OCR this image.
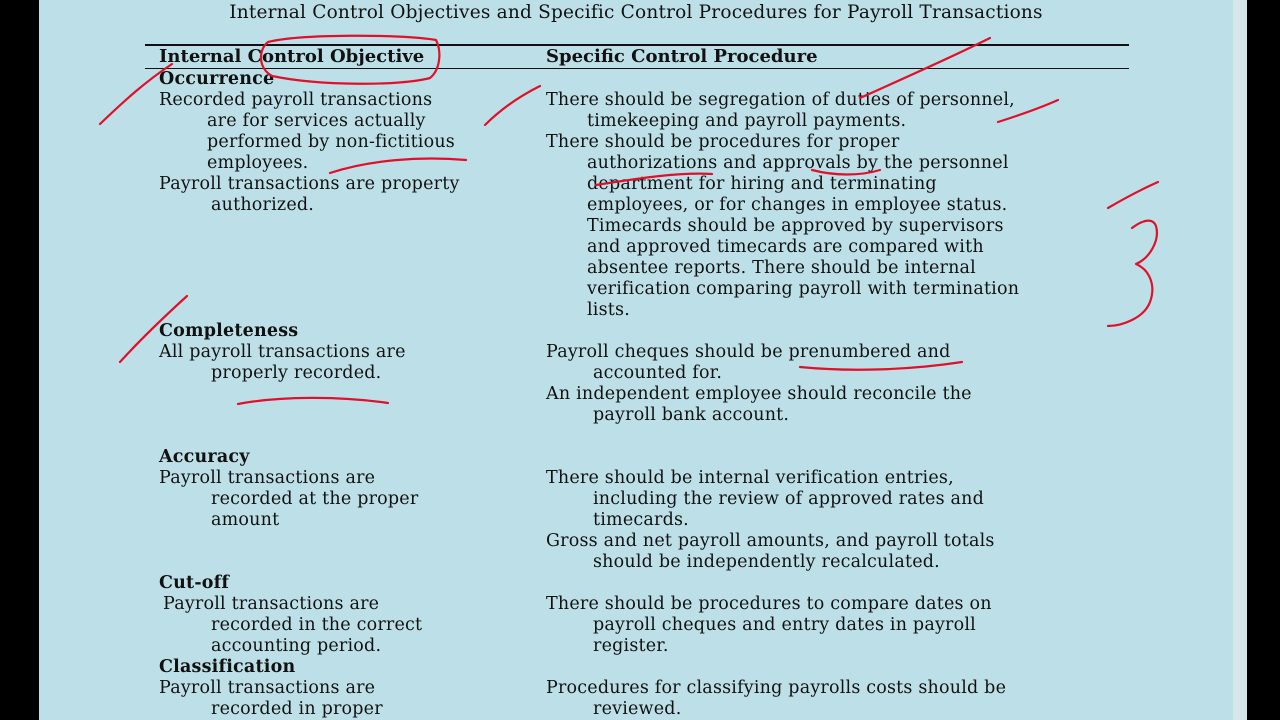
Internal Control Objectives and Specific Control Procedures for Payroll Transactions
Internal Control Objective	Specific Control Procedure
Occurrence
Recorded payroll transactions
are for services actually
performed by non-fictitious
employees.
Payroll transactions are property
authorized.
There should be segregation of duties of personnel,
timekeeping and payroll payments.
There should be procedures for proper
authorizations and approvals by the personnel
department for hiring and terminating
employees, or for changes in employee status.
Timecards should be approved by supervisors
and approved timecards are compared with
absentee reports. There should be internal
verification comparing payroll with termination
lists.
Completeness
All payroll transactions are
properly recorded.
Payroll cheques should be prenumbered and
accounted for.
An independent employee should reconcile the
payroll bank account.
Accuracy
Payroll transactions are
recorded at the proper
amount
There should be internal verification entries,
including the review of approved rates and
timecards.
Gross and net payroll amounts, and payroll totals
should be independently recalculated.
Cut-off
Payroll transactions are
recorded in the correct
accounting period.
There should be procedures to compare dates on
payroll cheques and entry dates in payroll
register.
Classification
Payroll transactions are
recorded in proper
Procedures for classifying payrolls costs should be
reviewed.
